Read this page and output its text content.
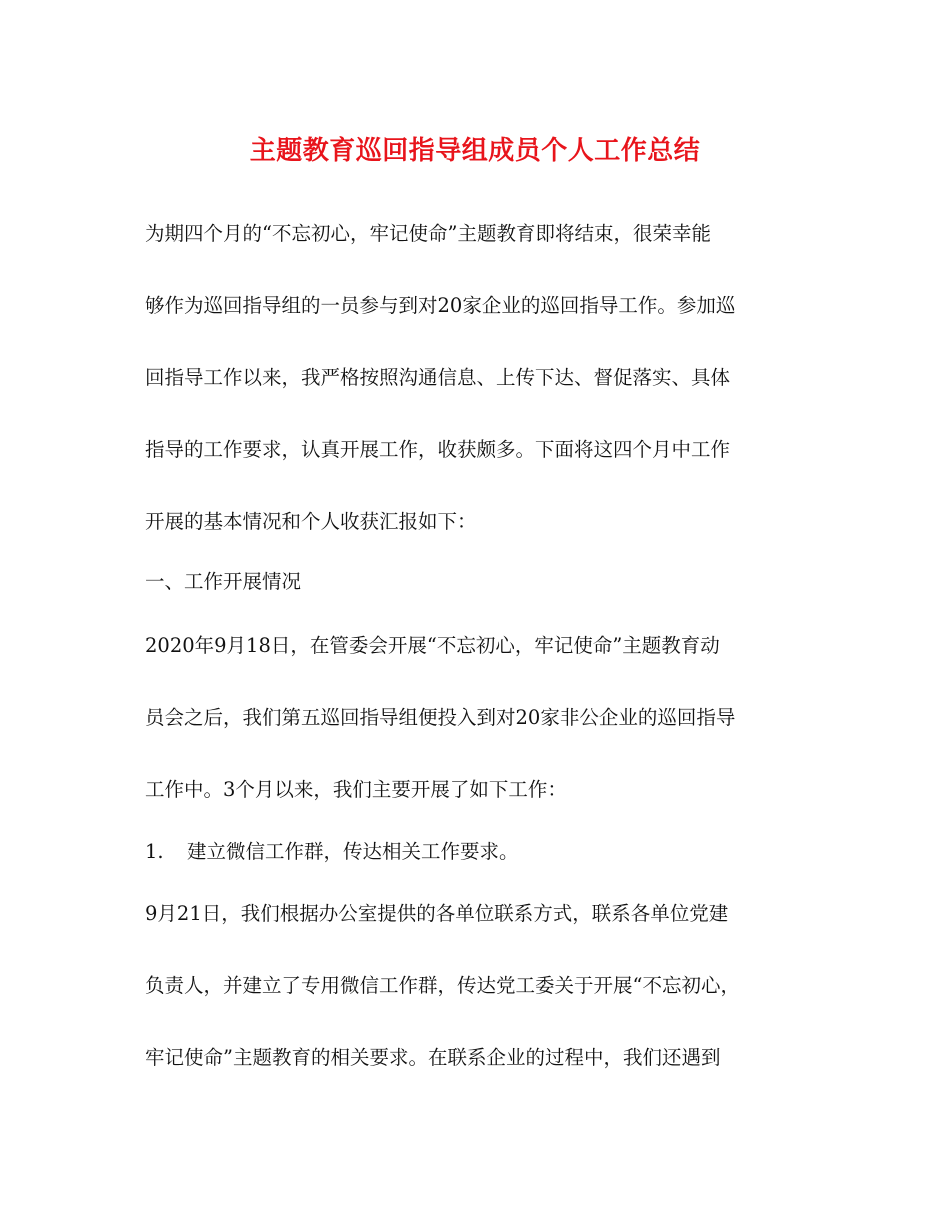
主题教育巡回指导组成员个人工作总结
为期四个月的“不忘初心，牢记使命”主题教育即将结束，很荣幸能
够作为巡回指导组的一员参与到对20家企业的巡回指导工作。参加巡
回指导工作以来，我严格按照沟通信息、上传下达、督促落实、具体
指导的工作要求，认真开展工作，收获颇多。下面将这四个月中工作
开展的基本情况和个人收获汇报如下：
一、工作开展情况
2020年9月18日，在管委会开展“不忘初心，牢记使命”主题教育动
员会之后，我们第五巡回指导组便投入到对20家非公企业的巡回指导
工作中。3个月以来，我们主要开展了如下工作：
1. 建立微信工作群，传达相关工作要求。
9月21日，我们根据办公室提供的各单位联系方式，联系各单位党建
负责人，并建立了专用微信工作群，传达党工委关于开展“不忘初心，
牢记使命”主题教育的相关要求。在联系企业的过程中，我们还遇到
